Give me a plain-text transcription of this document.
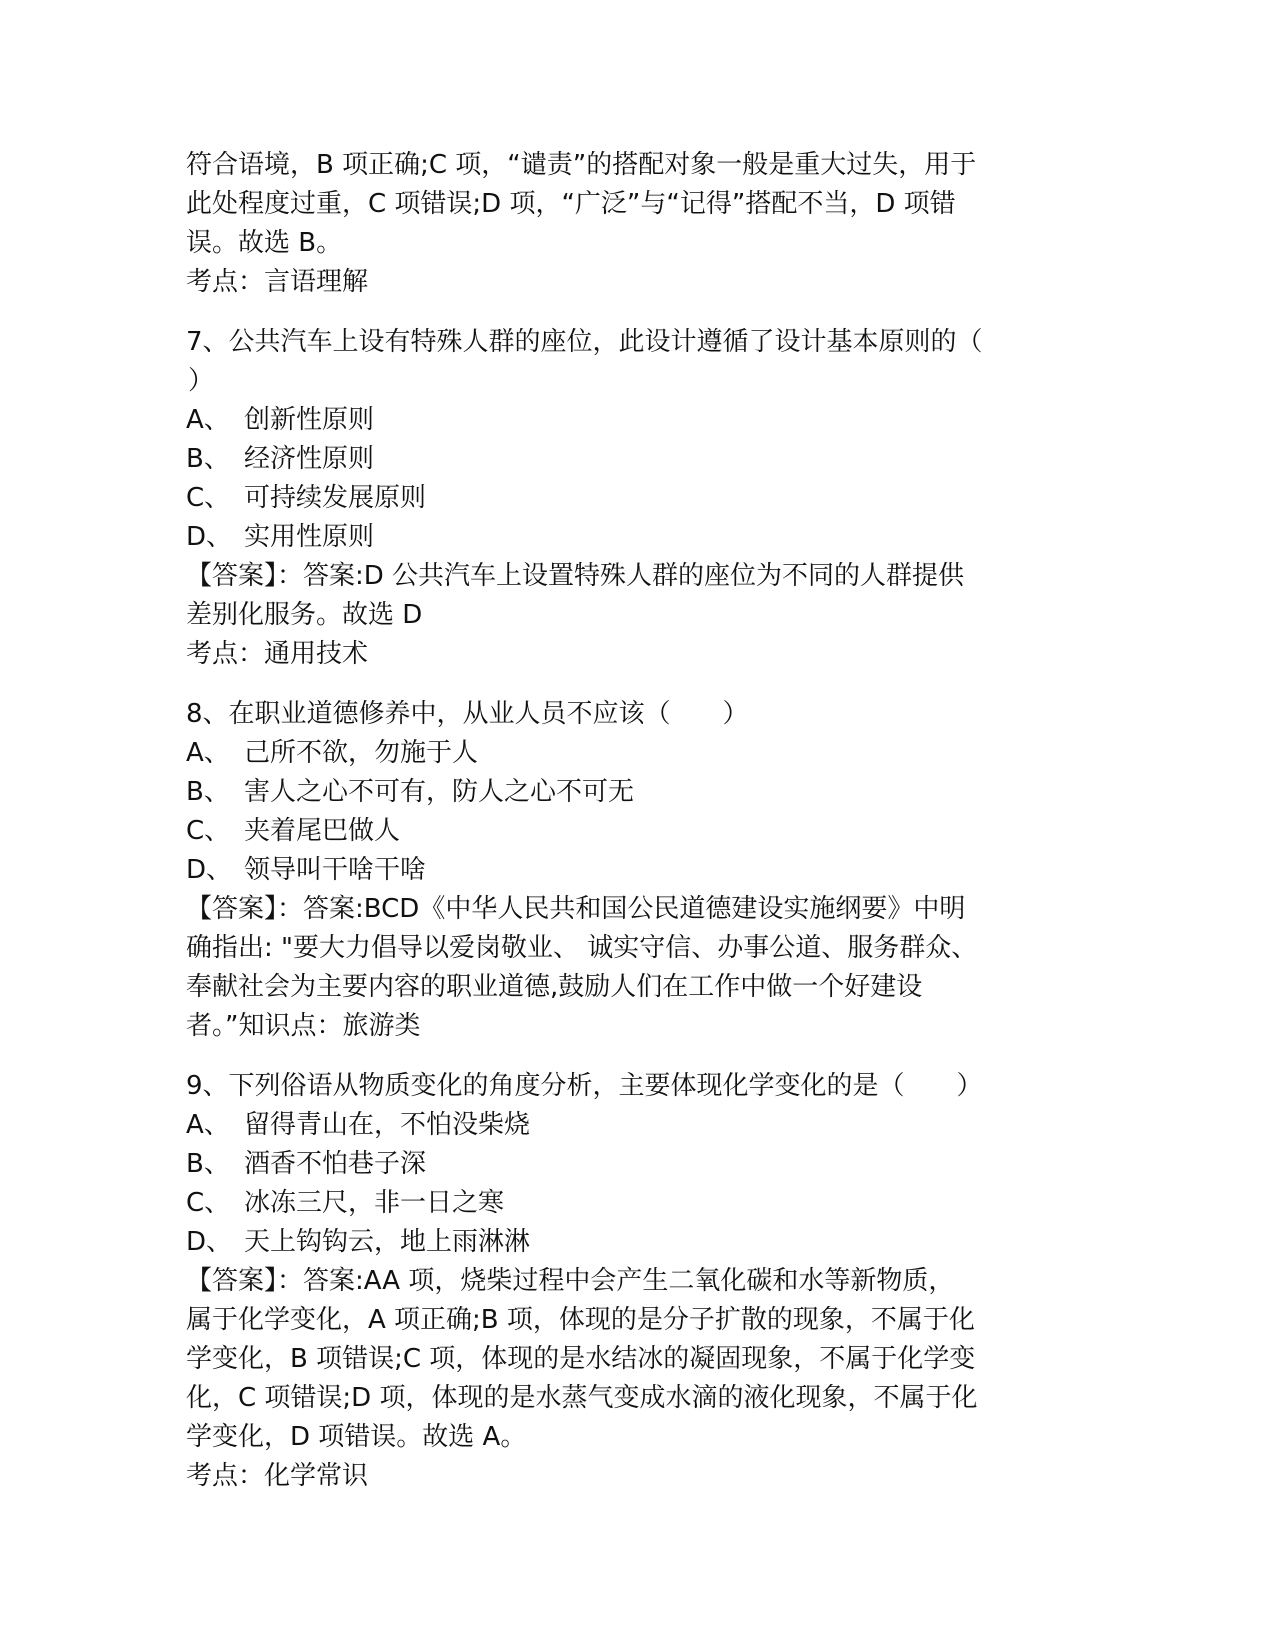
符合语境，B 项正确;C 项，“谴责”的搭配对象一般是重大过失，用于
此处程度过重，C 项错误;D 项，“广泛”与“记得”搭配不当，D 项错
误。故选 B。
考点：言语理解
7、公共汽车上设有特殊人群的座位，此设计遵循了设计基本原则的（
）
A、 创新性原则
B、 经济性原则
C、 可持续发展原则
D、 实用性原则
【答案】：答案:D 公共汽车上设置特殊人群的座位为不同的人群提供
差别化服务。故选 D
考点：通用技术
8、在职业道德修养中，从业人员不应该（　　）
A、 己所不欲，勿施于人
B、 害人之心不可有，防人之心不可无
C、 夹着尾巴做人
D、 领导叫干啥干啥
【答案】：答案:BCD《中华人民共和国公民道德建设实施纲要》中明
确指出: "要大力倡导以爱岗敬业、 诚实守信、办事公道、服务群众、
奉献社会为主要内容的职业道德,鼓励人们在工作中做一个好建设
者。”知识点：旅游类
9、下列俗语从物质变化的角度分析，主要体现化学变化的是（　　）
A、 留得青山在，不怕没柴烧
B、 酒香不怕巷子深
C、 冰冻三尺，非一日之寒
D、 天上钩钩云，地上雨淋淋
【答案】：答案:AA 项，烧柴过程中会产生二氧化碳和水等新物质，
属于化学变化，A 项正确;B 项，体现的是分子扩散的现象，不属于化
学变化，B 项错误;C 项，体现的是水结冰的凝固现象，不属于化学变
化，C 项错误;D 项，体现的是水蒸气变成水滴的液化现象，不属于化
学变化，D 项错误。故选 A。
考点：化学常识
